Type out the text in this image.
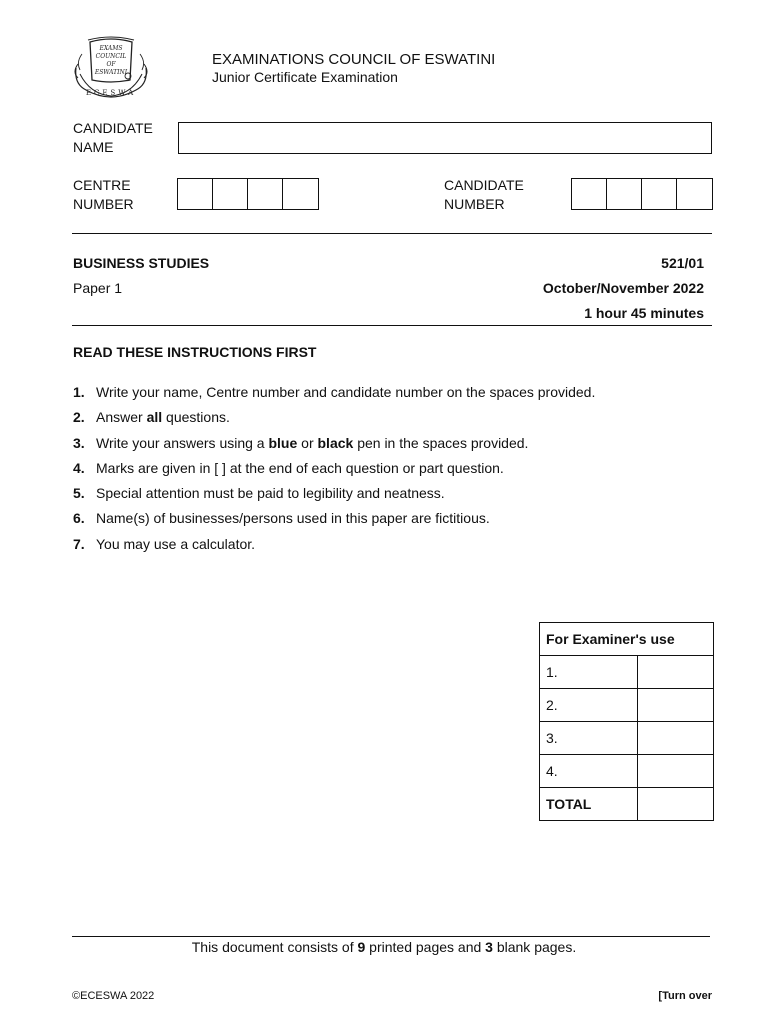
EXAMS
COUNCIL
OF
ESWATINI
ECESWA
EXAMINATIONS COUNCIL OF ESWATINI
Junior Certificate Examination
CANDIDATE
NAME
CENTRE
NUMBER
CANDIDATE
NUMBER
BUSINESS STUDIES	521/01
Paper 1	October/November 2022
1 hour 45 minutes
READ THESE INSTRUCTIONS FIRST
1. Write your name, Centre number and candidate number on the spaces provided.
2. Answer all questions.
3. Write your answers using a blue or black pen in the spaces provided.
4. Marks are given in [ ] at the end of each question or part question.
5. Special attention must be paid to legibility and neatness.
6. Name(s) of businesses/persons used in this paper are fictitious.
7. You may use a calculator.
For Examiner's use	
1.	
2.	
3.	
4.	
TOTAL	
This document consists of 9 printed pages and 3 blank pages.
©ECESWA 2022	[Turn over
